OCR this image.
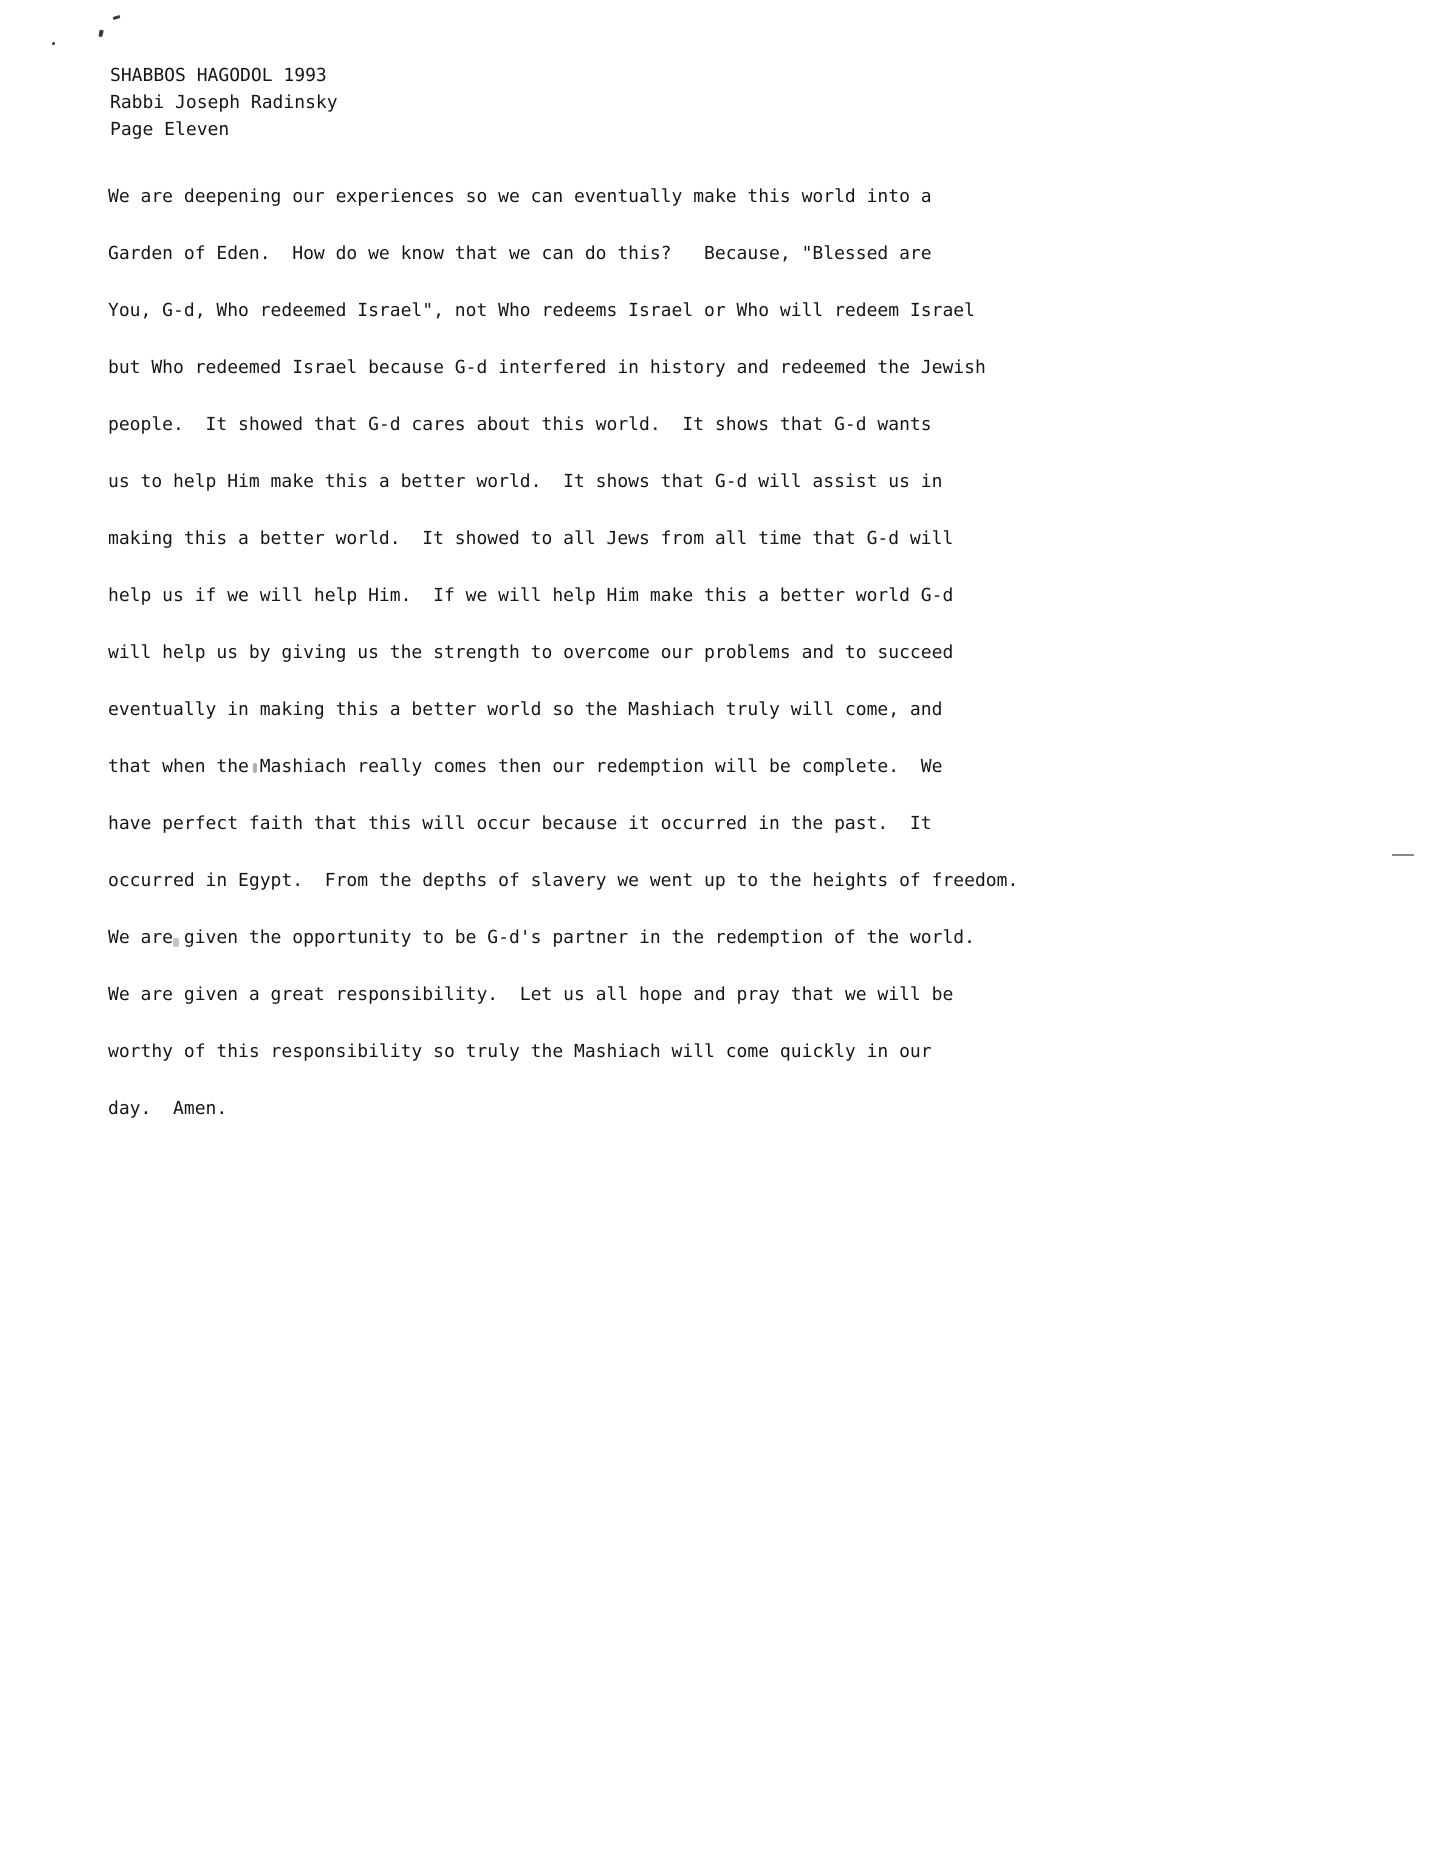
SHABBOS HAGODOL 1993
Rabbi Joseph Radinsky
Page Eleven
We are deepening our experiences so we can eventually make this world into a
Garden of Eden.  How do we know that we can do this?   Because, "Blessed are
You, G-d, Who redeemed Israel", not Who redeems Israel or Who will redeem Israel
but Who redeemed Israel because G-d interfered in history and redeemed the Jewish
people.  It showed that G-d cares about this world.  It shows that G-d wants
us to help Him make this a better world.  It shows that G-d will assist us in
making this a better world.  It showed to all Jews from all time that G-d will
help us if we will help Him.  If we will help Him make this a better world G-d
will help us by giving us the strength to overcome our problems and to succeed
eventually in making this a better world so the Mashiach truly will come, and
that when the Mashiach really comes then our redemption will be complete.  We
have perfect faith that this will occur because it occurred in the past.  It
occurred in Egypt.  From the depths of slavery we went up to the heights of freedom.
We are given the opportunity to be G-d's partner in the redemption of the world.
We are given a great responsibility.  Let us all hope and pray that we will be
worthy of this responsibility so truly the Mashiach will come quickly in our
day.  Amen.
